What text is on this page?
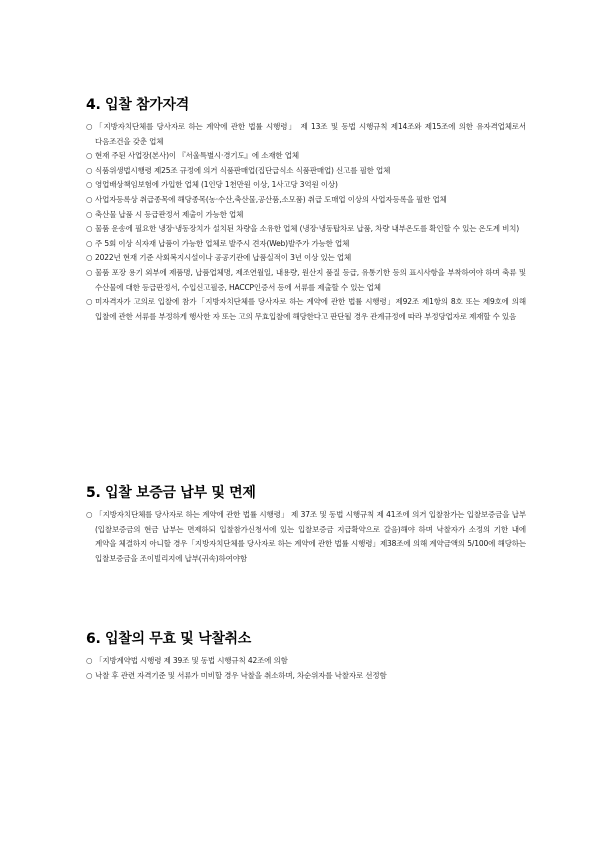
4. 입찰 참가자격
○ 「지방자치단체를 당사자로 하는 계약에 관한 법률 시행령」 제 13조 및 동법 시행규칙 제14조와 제15조에 의한 유자격업체로서 다음조건을 갖춘 업체
○ 현재 주된 사업장(본사)이 『서울특별시·경기도』에 소재한 업체
○ 식품위생법시행령 제25조 규정에 의거 식품판매업(집단급식소 식품판매업) 신고를 필한 업체
○ 영업배상책임보험에 가입한 업체 (1인당 1천만원 이상, 1사고당 3억원 이상)
○ 사업자등록상 취급종목에 해당종목(농·수산,축산물,공산품,소모품) 취급 도매업 이상의 사업자등록을 필한 업체
○ 축산물 납품 시 등급판정서 제출이 가능한 업체
○ 물품 운송에 필요한 냉장·냉동장치가 설치된 차량을 소유한 업체 (냉장·냉동탑차로 납품, 차량 내부온도를 확인할 수 있는 온도계 비치)
○ 주 5회 이상 식자재 납품이 가능한 업체로 발주시 견자(Web)발주가 가능한 업체
○ 2022년 현재 기준 사회복지시설이나 공공기관에 납품실적이 3년 이상 있는 업체
○ 물품 포장 용기 외부에 제품명, 납품업체명, 제조연월일, 내용량, 원산지 품질 등급, 유통기한 등의 표시사항을 부착하여야 하며 축류 및 수산물에 대한 등급판정서, 수입신고필증, HACCP인증서 등에 서류를 제출할 수 있는 업체
○ 미자격자가 고의로 입찰에 참가「지방자치단체를 당사자로 하는 계약에 관한 법률 시행령」제92조 제1항의 8호 또는 제9호에 의해 입찰에 관한 서류를 부정하게 행사한 자 또는 고의 무효입찰에 해당한다고 판단될 경우 관계규정에 따라 부정당업자로 제재할 수 있음
5. 입찰 보증금 납부 및 면제
○ 「지방자치단체를 당사자로 하는 계약에 관한 법률 시행령」 제 37조 및 동법 시행규칙 제 41조에 의거 입찰참가는 입찰보증금을 납부(입찰보증금의 현금 납부는 면제하되 입찰참가신청서에 있는 입찰보증금 지급확약으로 갈음)해야 하며 낙찰자가 소정의 기한 내에 계약을 체결하지 아니할 경우「지방자치단체를 당사자로 하는 계약에 관한 법률 시행령」제38조에 의해 계약금액의 5/100에 해당하는 입찰보증금을 조이빌리지에 납부(귀속)하여야함
6. 입찰의 무효 및 낙찰취소
○ 「지방계약법 시행령 제 39조 및 동법 시행규칙 42조에 의함
○ 낙찰 후 관련 자격기준 및 서류가 미비할 경우 낙찰을 취소하며, 차순위자를 낙찰자로 선정함
